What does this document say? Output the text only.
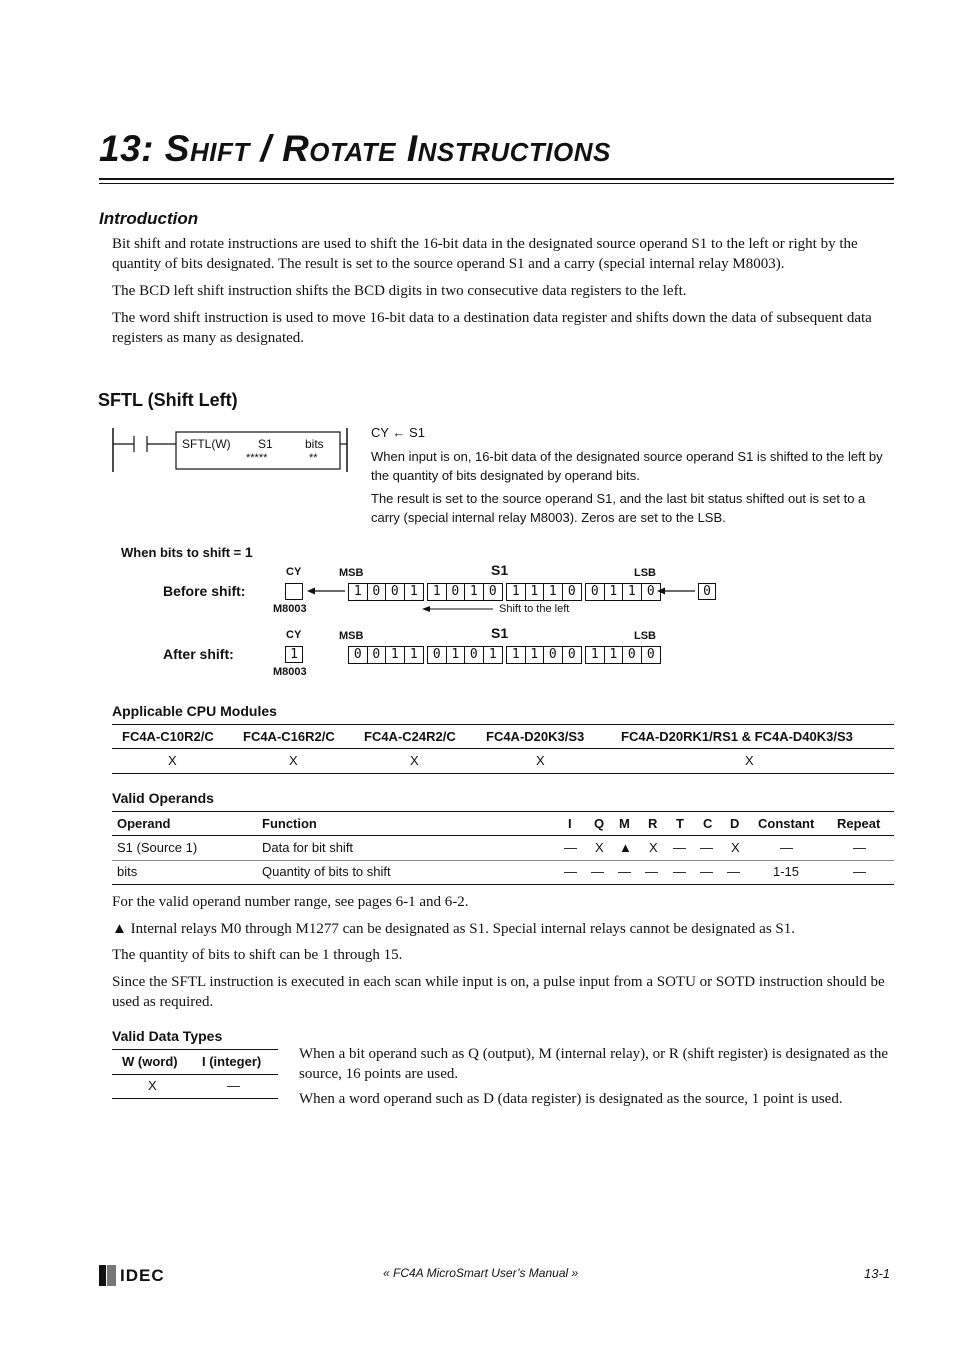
13: Shift / Rotate Instructions
Introduction
Bit shift and rotate instructions are used to shift the 16-bit data in the designated source operand S1 to the left or right by the quantity of bits designated. The result is set to the source operand S1 and a carry (special internal relay M8003).
The BCD left shift instruction shifts the BCD digits in two consecutive data registers to the left.
The word shift instruction is used to move 16-bit data to a destination data register and shifts down the data of subsequent data registers as many as designated.
SFTL (Shift Left)
SFTL(W) S1	bits
*****	**
CY ← S1
When input is on, 16-bit data of the designated source operand S1 is shifted to the left by the quantity of bits designated by operand bits.
The result is set to the source operand S1, and the last bit status shifted out is set to a carry (special internal relay M8003). Zeros are set to the LSB.
When bits to shift = 1
CY	MSB	S1	LSB
Before shift:	1 0 0 1	1 0 1 0	1 1 1 0	0 1 1 0	0
M8003	Shift to the left
CY	MSB	S1	LSB
After shift:	1	0 0 1 1	0 1 0 1	1 1 0 0	1 1 0 0
M8003
Applicable CPU Modules
FC4A-C10R2/C FC4A-C16R2/C FC4A-C24R2/C FC4A-D20K3/S3	FC4A-D20RK1/RS1 & FC4A-D40K3/S3
X	X	X	X	X
Valid Operands
Operand	Function	I Q M R T C D Constant Repeat
S1 (Source 1)	Data for bit shift	— X ▲ X — — X	—	—
bits	Quantity of bits to shift	— — — — — — —	1-15	—
For the valid operand number range, see pages 6-1 and 6-2.
▲ Internal relays M0 through M1277 can be designated as S1. Special internal relays cannot be designated as S1.
The quantity of bits to shift can be 1 through 15.
Since the SFTL instruction is executed in each scan while input is on, a pulse input from a SOTU or SOTD instruction should be used as required.
Valid Data Types
W (word) I (integer)
X	—
When a bit operand such as Q (output), M (internal relay), or R (shift register) is designated as the source, 16 points are used.
When a word operand such as D (data register) is designated as the source, 1 point is used.
IDEC	« FC4A MicroSmart User’s Manual »	13-1
